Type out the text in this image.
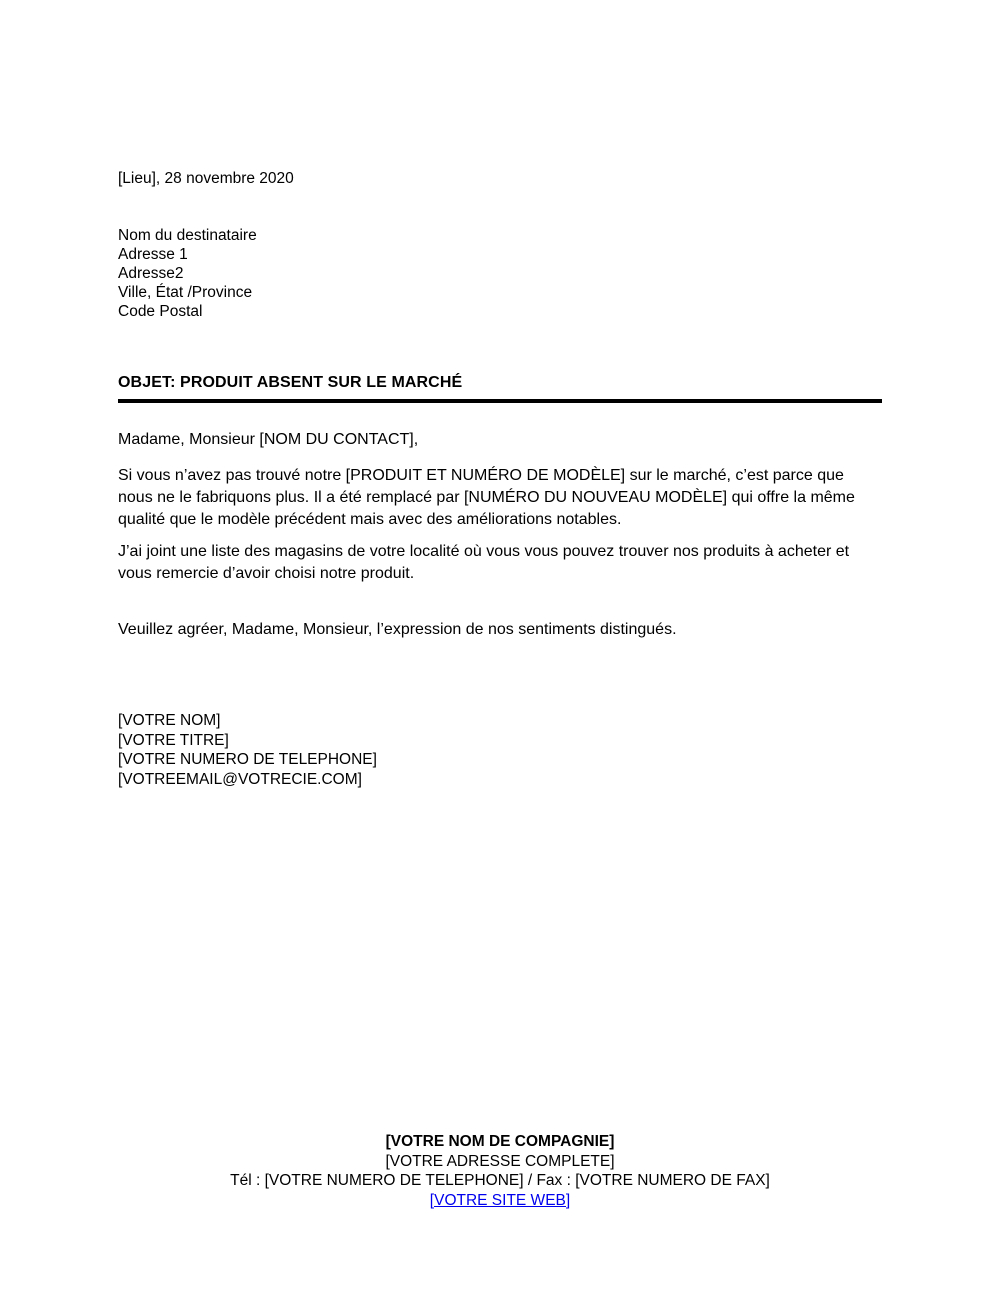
[Lieu], 28 novembre 2020
Nom du destinataire
Adresse 1
Adresse2
Ville, État /Province
Code Postal
OBJET: PRODUIT ABSENT SUR LE MARCHÉ
Madame, Monsieur [NOM DU CONTACT],

Si vous n’avez pas trouvé notre [PRODUIT ET NUMÉRO DE MODÈLE] sur le marché, c’est parce que nous ne le fabriquons plus. Il a été remplacé par [NUMÉRO DU NOUVEAU MODÈLE] qui offre la même qualité que le modèle précédent mais avec des améliorations notables.

J’ai joint une liste des magasins de votre localité où vous vous pouvez trouver nos produits à acheter et vous remercie d’avoir choisi notre produit.

Veuillez agréer, Madame, Monsieur, l’expression de nos sentiments distingués.
[VOTRE NOM]
[VOTRE TITRE]
[VOTRE NUMERO DE TELEPHONE]
[VOTREEMAIL@VOTRECIE.COM]
[VOTRE NOM DE COMPAGNIE]
[VOTRE ADRESSE COMPLETE]
Tél : [VOTRE NUMERO DE TELEPHONE] / Fax : [VOTRE NUMERO DE FAX]
[VOTRE SITE WEB]
